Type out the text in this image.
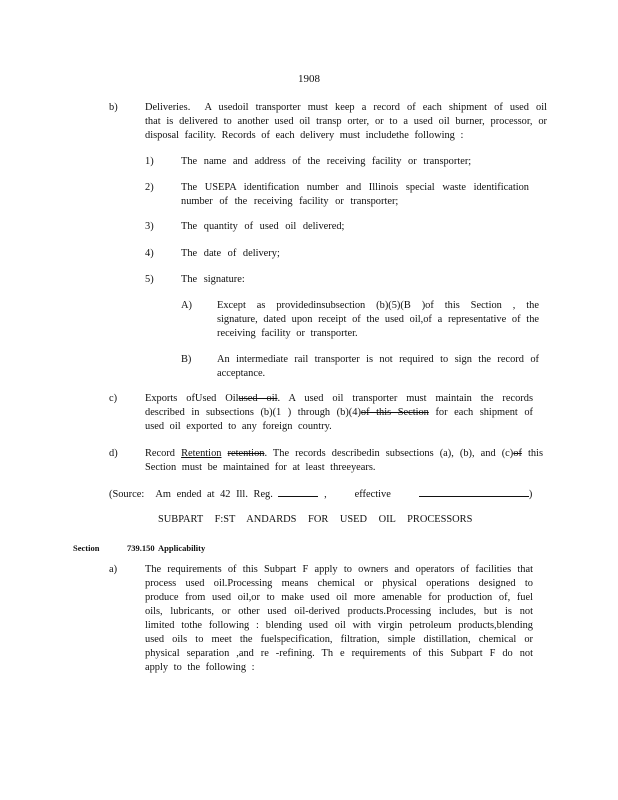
1908
b)	Deliveries. A usedoil transporter must keep a record of each shipment of used oil that is delivered to another used oil transp orter, or to a used oil burner, processor, or disposal facility. Records of each delivery must includethe following :
1)	The name and address of the receiving facility or transporter;
2)	The USEPA identification number and Illinois special waste identification number of the receiving facility or transporter;
3)	The quantity of used oil delivered;
4)	The date of delivery;
5)	The signature:
A) Except as providedinsubsection (b)(5)(B )of this Section , the signature, dated upon receipt of the used oil,of a representative of the receiving facility or transporter.
B) An intermediate rail transporter is not required to sign the record of acceptance.
c)	Exports ofUsed Oilused oil. A used oil transporter must maintain the records described in subsections (b)(1 ) through (b)(4)of this Section for each shipment of used oil exported to any foreign country.
d)	Record Retention retention. The records describedin subsections (a), (b), and (c)of this Section must be maintained for at least threeyears.
(Source: Am ended at 42 Ill. Reg.	,     effective	)
SUBPART F:ST ANDARDS FOR USED OIL PROCESSORS
Section	739.150 Applicability
a)	The requirements of this Subpart F apply to owners and operators of facilities that process used oil.Processing means chemical or physical operations designed to produce from used oil,or to make used oil more amenable for production of, fuel oils, lubricants, or other used oil-derived products.Processing includes, but is not limited tothe following : blending used oil with virgin petroleum products,blending used oils to meet the fuelspecification, filtration, simple distillation, chemical or physical separation ,and re -refining. Th e requirements of this Subpart F do not apply to the following :
